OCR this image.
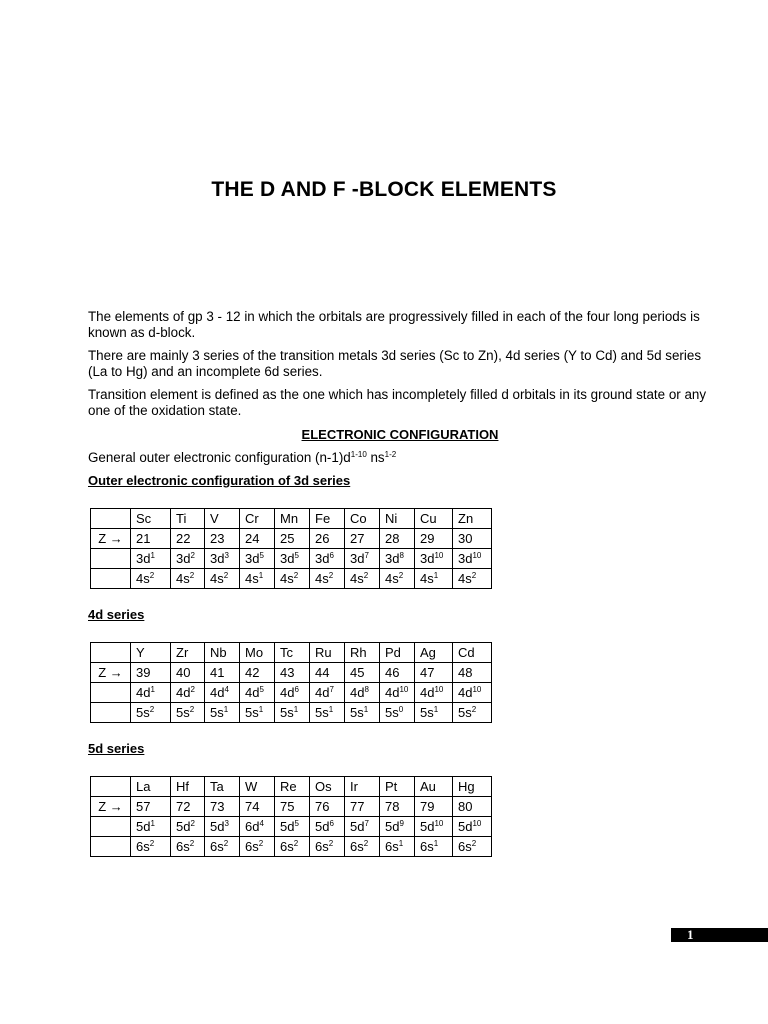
THE D AND F -BLOCK ELEMENTS
The elements of gp 3 - 12 in which the orbitals are progressively filled in each of the four long periods is known as d-block.
There are mainly 3 series of the transition metals 3d series (Sc to Zn), 4d series (Y to Cd) and 5d series (La to Hg) and an incomplete 6d series.
Transition element is defined as the one which has incompletely filled d orbitals in its ground state or any one of the oxidation state.
ELECTRONIC CONFIGURATION
General outer electronic configuration $(n-1)d^{1-10}$ $ns^{1-2}$
Outer electronic configuration of 3d series
	Sc	Ti	V	Cr	Mn	Fe	Co	Ni	Cu	Zn
Z →	21	22	23	24	25	26	27	28	29	30
	$3d^1$	$3d^2$	$3d^3$	$3d^5$	$3d^5$	$3d^6$	$3d^7$	$3d^8$	$3d^{10}$	$3d^{10}$
	$4s^2$	$4s^2$	$4s^2$	$4s^1$	$4s^2$	$4s^2$	$4s^2$	$4s^2$	$4s^1$	$4s^2$
4d series
	Y	Zr	Nb	Mo	Tc	Ru	Rh	Pd	Ag	Cd
Z →	39	40	41	42	43	44	45	46	47	48
	$4d^1$	$4d^2$	$4d^4$	$4d^5$	$4d^6$	$4d^7$	$4d^8$	$4d^{10}$	$4d^{10}$	$4d^{10}$
	$5s^2$	$5s^2$	$5s^1$	$5s^1$	$5s^1$	$5s^1$	$5s^1$	$5s^0$	$5s^1$	$5s^2$
5d series
	La	Hf	Ta	W	Re	Os	Ir	Pt	Au	Hg
Z →	57	72	73	74	75	76	77	78	79	80
	$5d^1$	$5d^2$	$5d^3$	$6d^4$	$5d^5$	$5d^6$	$5d^7$	$5d^9$	$5d^{10}$	$5d^{10}$
	$6s^2$	$6s^2$	$6s^2$	$6s^2$	$6s^2$	$6s^2$	$6s^2$	$6s^1$	$6s^1$	$6s^2$
1
